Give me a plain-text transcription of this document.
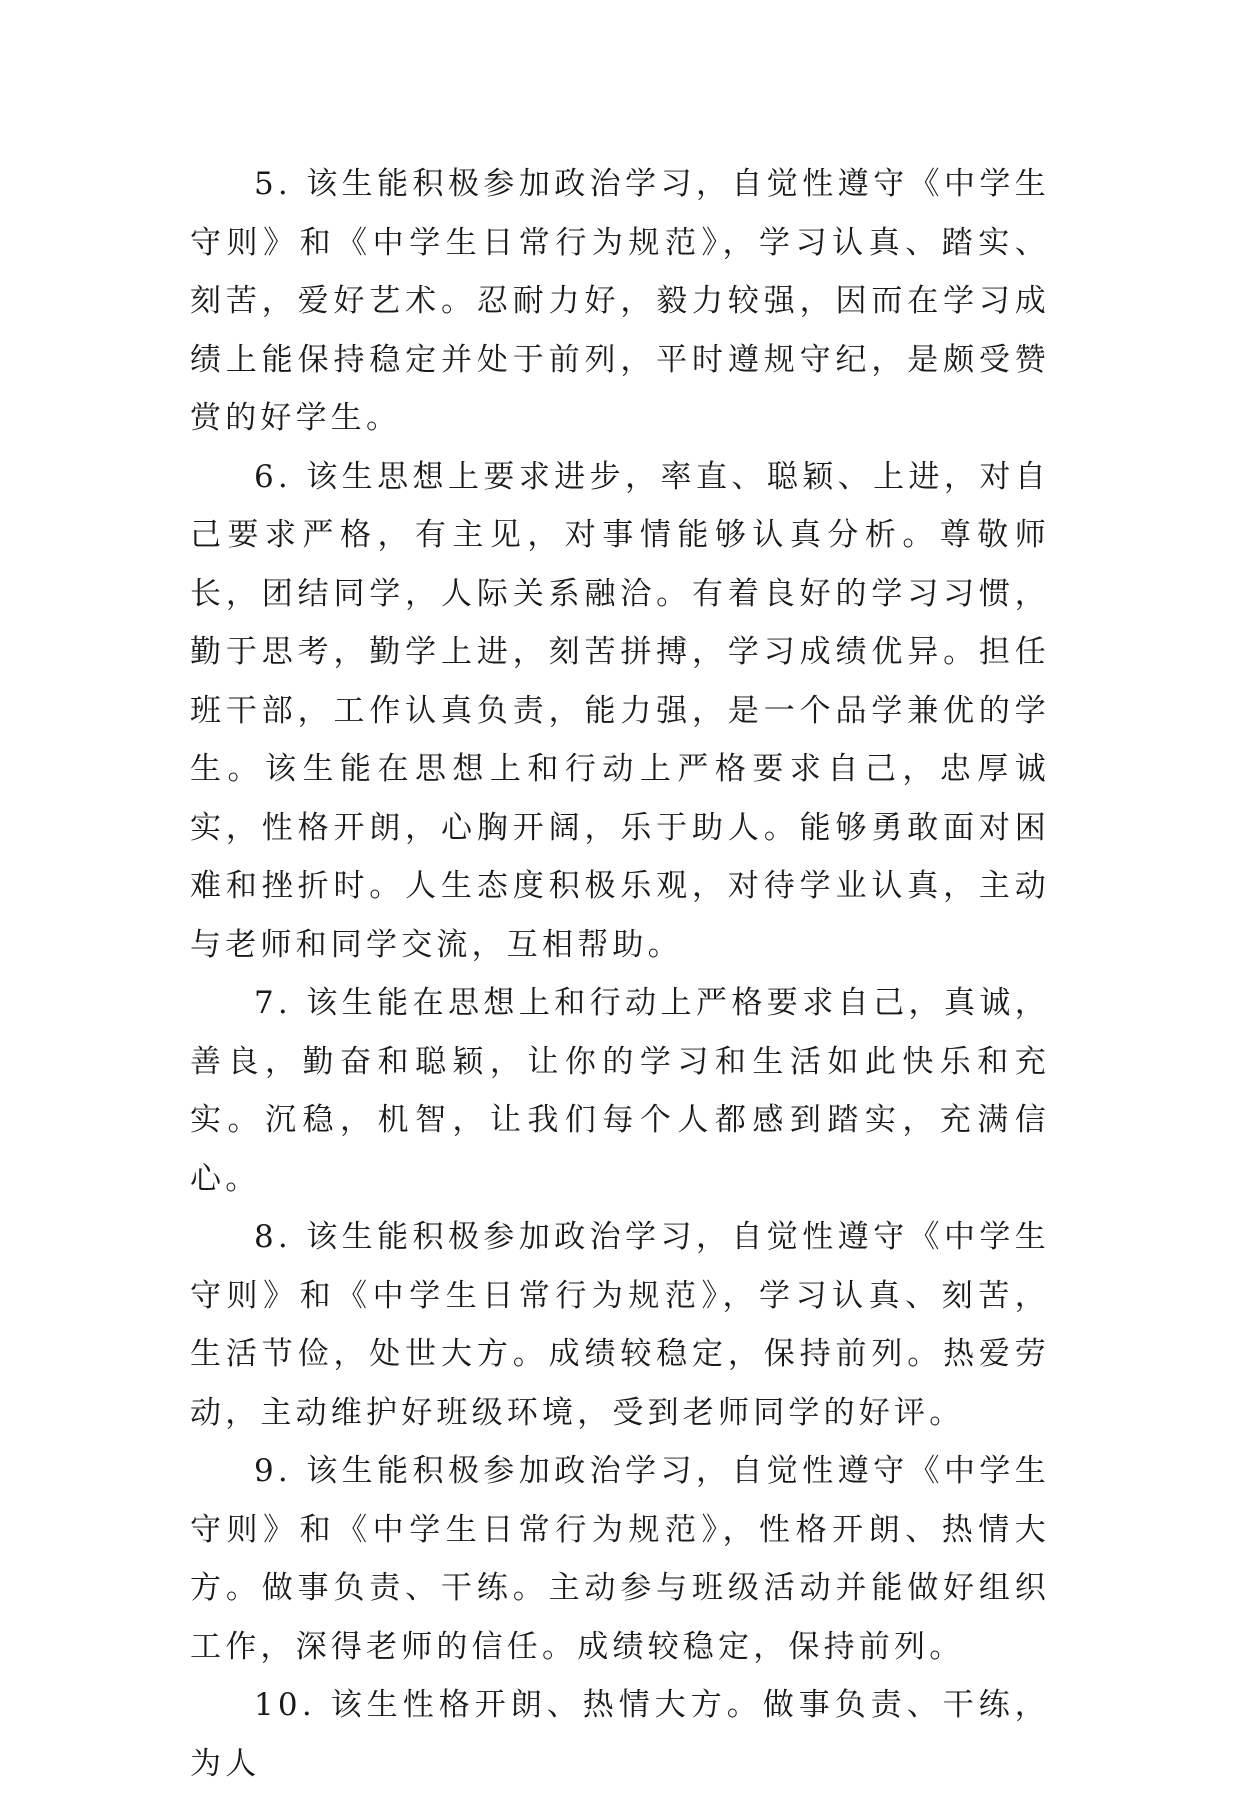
5. 该生能积极参加政治学习，自觉性遵守《中学生守则》和《中学生日常行为规范》，学习认真、踏实、刻苦，爱好艺术。忍耐力好，毅力较强，因而在学习成绩上能保持稳定并处于前列，平时遵规守纪，是颇受赞赏的好学生。

6. 该生思想上要求进步，率直、聪颖、上进，对自己要求严格，有主见，对事情能够认真分析。尊敬师长，团结同学，人际关系融洽。有着良好的学习习惯，勤于思考，勤学上进，刻苦拼搏，学习成绩优异。担任班干部，工作认真负责，能力强，是一个品学兼优的学生。该生能在思想上和行动上严格要求自己，忠厚诚实，性格开朗，心胸开阔，乐于助人。能够勇敢面对困难和挫折时。人生态度积极乐观，对待学业认真，主动与老师和同学交流，互相帮助。

7. 该生能在思想上和行动上严格要求自己，真诚，善良，勤奋和聪颖，让你的学习和生活如此快乐和充实。沉稳，机智，让我们每个人都感到踏实，充满信心。

8. 该生能积极参加政治学习，自觉性遵守《中学生守则》和《中学生日常行为规范》，学习认真、刻苦，生活节俭，处世大方。成绩较稳定，保持前列。热爱劳动，主动维护好班级环境，受到老师同学的好评。

9. 该生能积极参加政治学习，自觉性遵守《中学生守则》和《中学生日常行为规范》，性格开朗、热情大方。做事负责、干练。主动参与班级活动并能做好组织工作，深得老师的信任。成绩较稳定，保持前列。

10. 该生性格开朗、热情大方。做事负责、干练，为人
